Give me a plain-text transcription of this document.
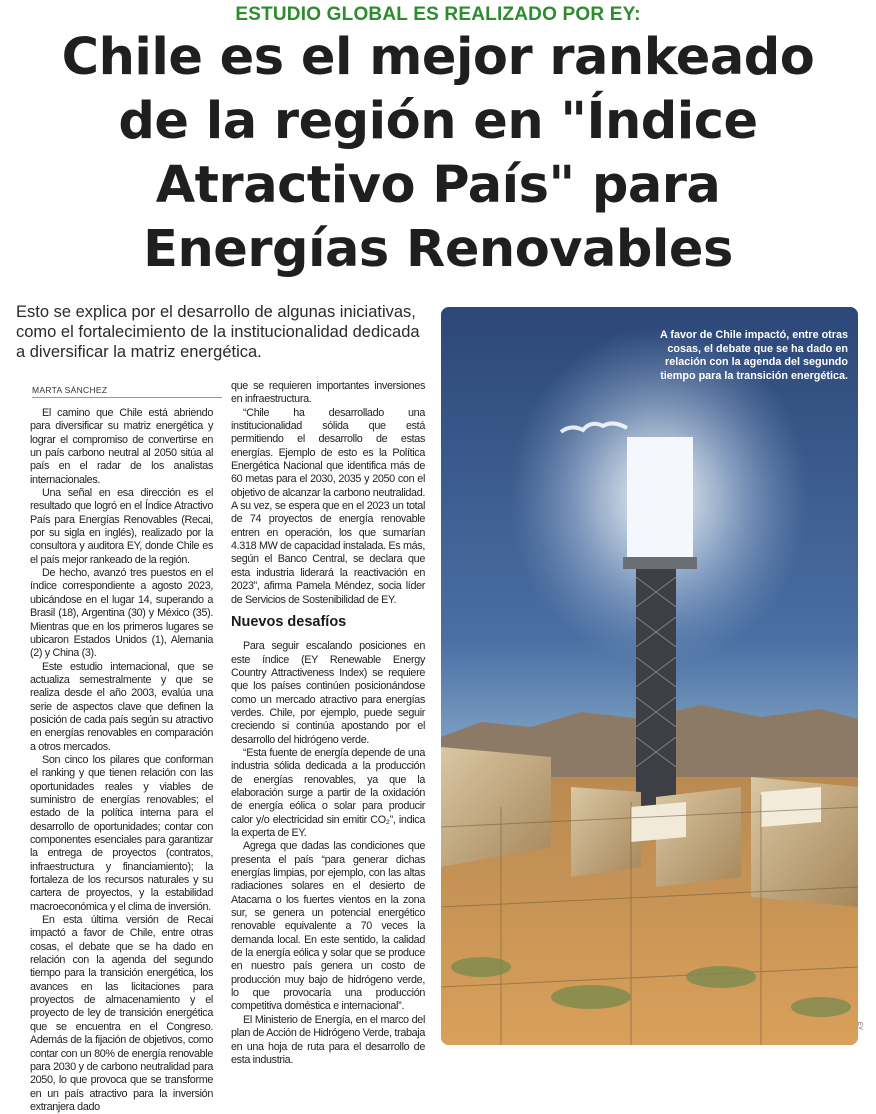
ESTUDIO GLOBAL ES REALIZADO POR EY:
Chile es el mejor rankeado
de la región en "Índice
Atractivo País" para
Energías Renovables
Esto se explica por el desarrollo de algunas iniciativas,
como el fortalecimiento de la institucionalidad dedicada
a diversificar la matriz energética.
MARTA SÁNCHEZ

El camino que Chile está abriendo para diversificar su matriz energética y lograr el compromiso de convertirse en un país carbono neutral al 2050 sitúa al país en el radar de los analistas internacionales.

Una señal en esa dirección es el resultado que logró en el Índice Atractivo País para Energías Renovables (Recai, por su sigla en inglés), realizado por la consultora y auditora EY, donde Chile es el país mejor rankeado de la región.

De hecho, avanzó tres puestos en el índice correspondiente a agosto 2023, ubicándose en el lugar 14, superando a Brasil (18), Argentina (30) y México (35). Mientras que en los primeros lugares se ubicaron Estados Unidos (1), Alemania (2) y China (3).

Este estudio internacional, que se actualiza semestralmente y que se realiza desde el año 2003, evalúa una serie de aspectos clave que definen la posición de cada país según su atractivo en energías renovables en comparación a otros mercados.

Son cinco los pilares que conforman el ranking y que tienen relación con las oportunidades reales y viables de suministro de energías renovables; el estado de la política interna para el desarrollo de oportunidades; contar con componentes esenciales para garantizar la entrega de proyectos (contratos, infraestructura y financiamiento); la fortaleza de los recursos naturales y su cartera de proyectos, y la estabilidad macroeconómica y el clima de inversión.

En esta última versión de Recai impactó a favor de Chile, entre otras cosas, el debate que se ha dado en relación con la agenda del segundo tiempo para la transición energética, los avances en las licitaciones para proyectos de almacenamiento y el proyecto de ley de transición energética que se encuentra en el Congreso. Además de la fijación de objetivos, como contar con un 80% de energía renovable para 2030 y de carbono neutralidad para 2050, lo que provoca que se transforme en un país atractivo para la inversión extranjera dado

que se requieren importantes inversiones en infraestructura.

“Chile ha desarrollado una institucionalidad sólida que está permitiendo el desarrollo de estas energías. Ejemplo de esto es la Política Energética Nacional que identifica más de 60 metas para el 2030, 2035 y 2050 con el objetivo de alcanzar la carbono neutralidad. A su vez, se espera que en el 2023 un total de 74 proyectos de energía renovable entren en operación, los que sumarían 4.318 MW de capacidad instalada. Es más, según el Banco Central, se declara que esta industria liderará la reactivación en 2023”, afirma Pamela Méndez, socia líder de Servicios de Sostenibilidad de EY.

Nuevos desafíos

Para seguir escalando posiciones en este índice (EY Renewable Energy Country Attractiveness Index) se requiere que los países continúen posicionándose como un mercado atractivo para energías verdes. Chile, por ejemplo, puede seguir creciendo si continúa apostando por el desarrollo del hidrógeno verde.

“Esta fuente de energía depende de una industria sólida dedicada a la producción de energías renovables, ya que la elaboración surge a partir de la oxidación de energía eólica o solar para producir calor y/o electricidad sin emitir CO₂”, indica la experta de EY.

Agrega que dadas las condiciones que presenta el país “para generar dichas energías limpias, por ejemplo, con las altas radiaciones solares en el desierto de Atacama o los fuertes vientos en la zona sur, se genera un potencial energético renovable equivalente a 70 veces la demanda local. En este sentido, la calidad de la energía eólica y solar que se produce en nuestro país genera un costo de producción muy bajo de hidrógeno verde, lo que provocaría una producción competitiva doméstica e internacional”.

El Ministerio de Energía, en el marco del plan de Acción de Hidrógeno Verde, trabaja en una hoja de ruta para el desarrollo de esta industria.

A favor de Chile impactó, entre otras
cosas, el debate que se ha dado en
relación con la agenda del segundo
tiempo para la transición energética.
EY
